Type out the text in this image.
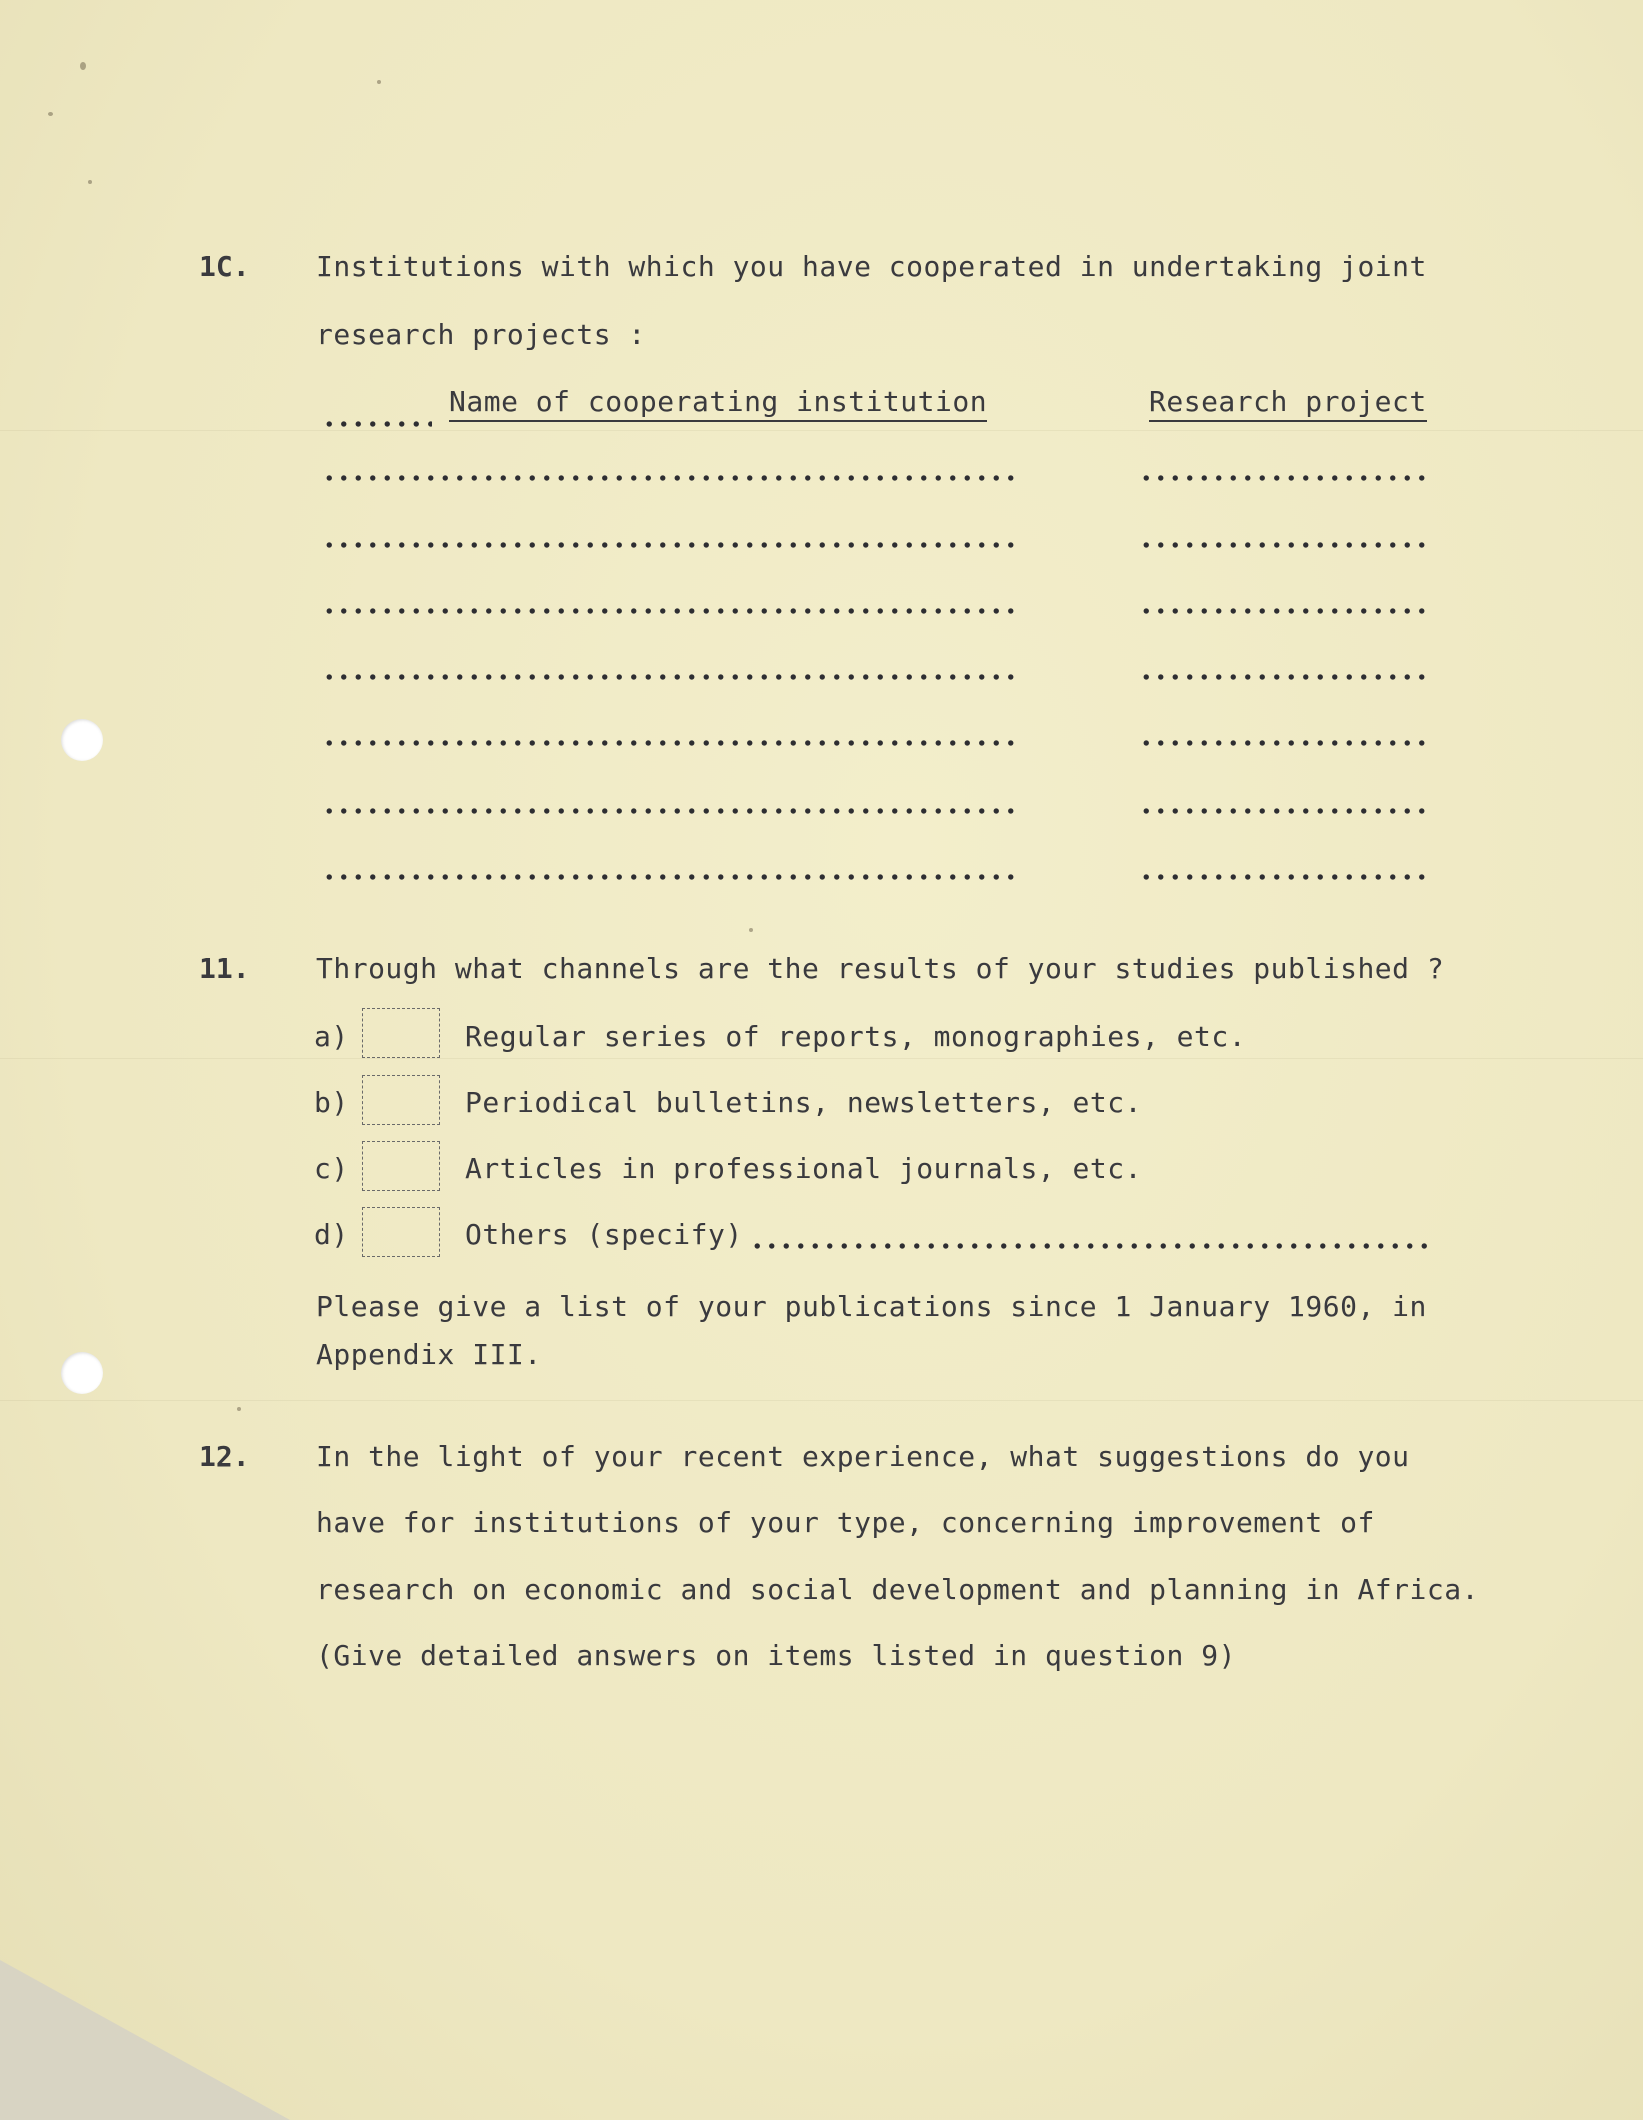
1C. Institutions with which you have cooperated in undertaking joint
research projects :
Name of cooperating institution	Research project
11. Through what channels are the results of your studies published ?
a)	Regular series of reports, monographies, etc.
b)	Periodical bulletins, newsletters, etc.
c)	Articles in professional journals, etc.
d)	Others (specify)
Please give a list of your publications since 1 January 1960, in
Appendix III.
12. In the light of your recent experience, what suggestions do you
have for institutions of your type, concerning improvement of
research on economic and social development and planning in Africa.
(Give detailed answers on items listed in question 9)
